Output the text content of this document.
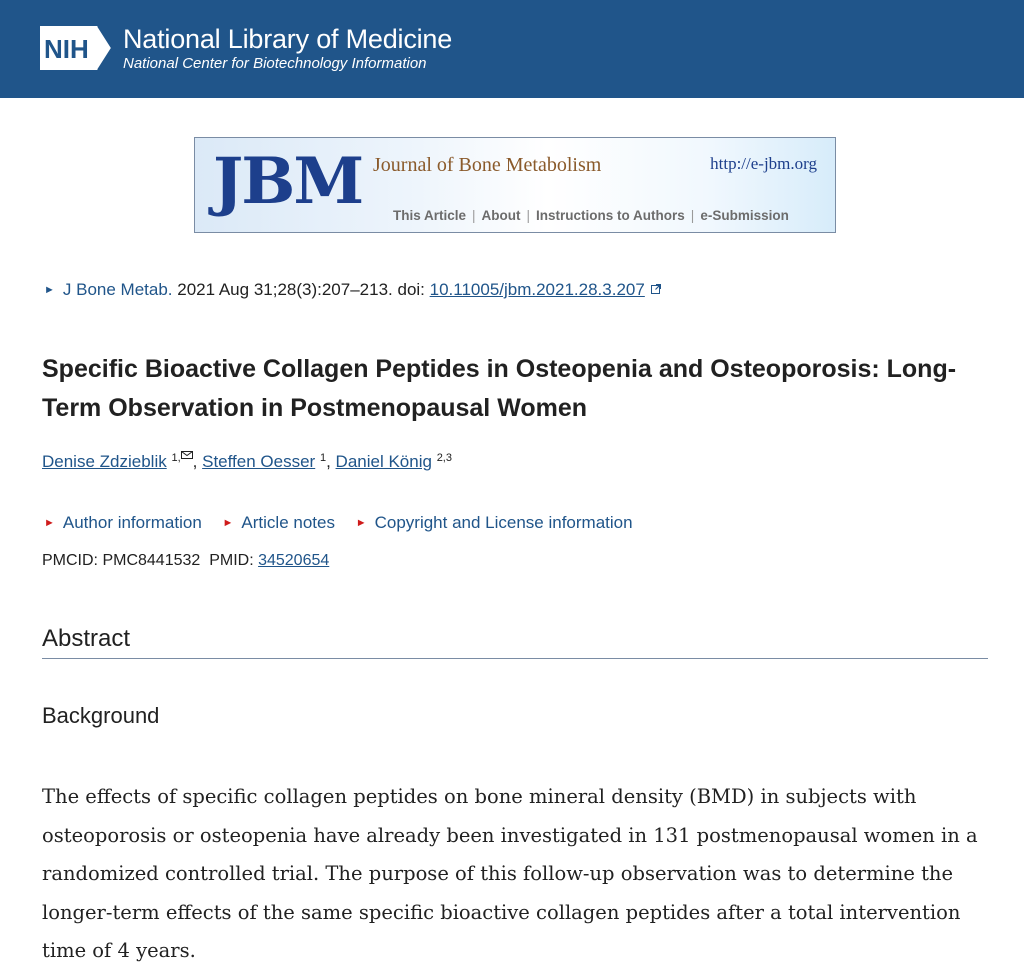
NIH National Library of Medicine
National Center for Biotechnology Information
JBM Journal of Bone Metabolism	http://e-jbm.org
This Article | About | Instructions to Authors | e-Submission
► J Bone Metab. 2021 Aug 31;28(3):207–213. doi: 10.11005/jbm.2021.28.3.207
Specific Bioactive Collagen Peptides in Osteopenia and Osteoporosis: Long-Term Observation in Postmenopausal Women
Denise Zdzieblik $^{1,}$ , Steffen Oesser $^1$, Daniel König $^{2,3}$
► Author information ► Article notes ► Copyright and License information
PMCID: PMC8441532 PMID: 34520654
Abstract
Background
The effects of specific collagen peptides on bone mineral density (BMD) in subjects with osteoporosis or osteopenia have already been investigated in 131 postmenopausal women in a randomized controlled trial. The purpose of this follow-up observation was to determine the longer-term effects of the same specific bioactive collagen peptides after a total intervention time of 4 years.
